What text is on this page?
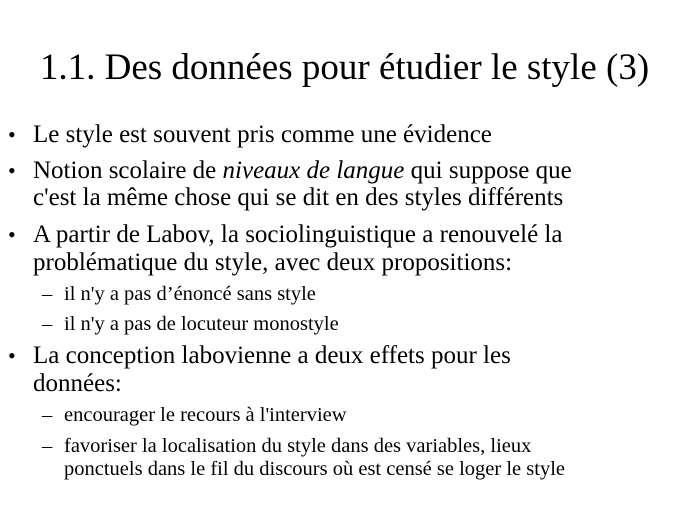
1.1. Des données pour étudier le style (3)
• Le style est souvent pris comme une évidence
• Notion scolaire de niveaux de langue qui suppose que
c'est la même chose qui se dit en des styles différents
• A partir de Labov, la sociolinguistique a renouvelé la
problématique du style, avec deux propositions:
– il n'y a pas d’énoncé sans style
– il n'y a pas de locuteur monostyle
• La conception labovienne a deux effets pour les
données:
– encourager le recours à l'interview
– favoriser la localisation du style dans des variables, lieux
ponctuels dans le fil du discours où est censé se loger le style
